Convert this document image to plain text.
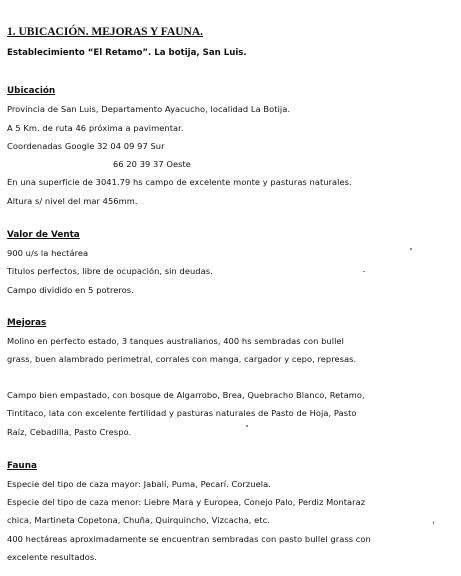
1. UBICACIÓN. MEJORAS Y FAUNA.
Establecimiento “El Retamo”. La botija, San Luis.
Ubicación
Provincia de San Luis, Departamento Ayacucho, localidad La Botija.
A 5 Km. de ruta 46 próxima a pavimentar.
Coordenadas Google 32 04 09 97 Sur
66 20 39 37 Oeste
En una superficie de 3041.79 hs campo de excelente monte y pasturas naturales.
Altura s/ nivel del mar 456mm.
Valor de Venta
900 u/s la hectárea
Titulos perfectos, libre de ocupación, sin deudas.
Campo dividido en 5 potreros.
Mejoras
Molino en perfecto estado, 3 tanques australianos, 400 hs sembradas con bullel
grass, buen alambrado perimetral, corrales con manga, cargador y cepo, represas.
Campo bien empastado, con bosque de Algarrobo, Brea, Quebracho Blanco, Retamo,
Tintitaco, lata con excelente fertilidad y pasturas naturales de Pasto de Hoja, Pasto
Raíz, Cebadilla, Pasto Crespo.
Fauna
Especie del tipo de caza mayor: Jabalí, Puma, Pecarí. Corzuela.
Especie del tipo de caza menor: Liebre Mara y Europea, Conejo Palo, Perdiz Montaraz
chica, Martineta Copetona, Chuña, Quirquincho, Vizcacha, etc.
400 hectáreas aproximadamente se encuentran sembradas con pasto bullel grass con
excelente resultados.
